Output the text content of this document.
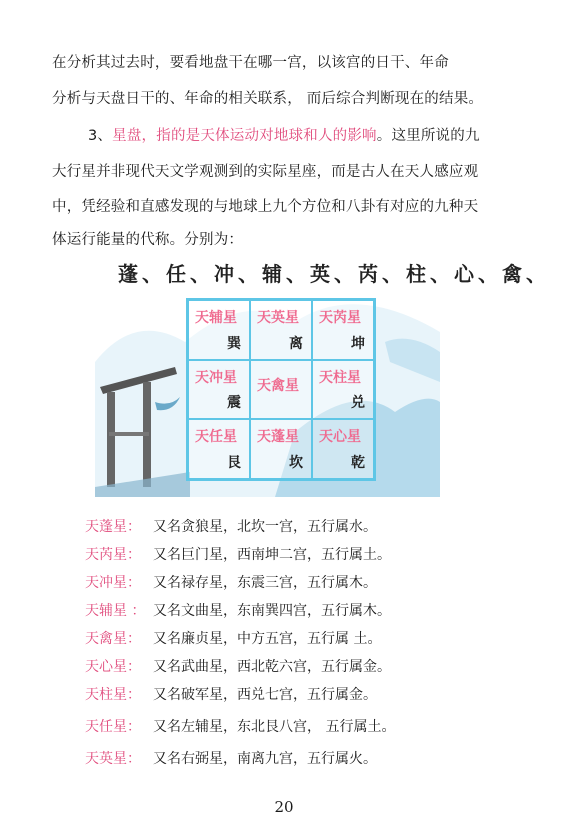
在分析其过去时，要看地盘干在哪一宫，以该宫的日干、年命
分析与天盘日干的、年命的相关联系， 而后综合判断现在的结果。
3、星盘，指的是天体运动对地球和人的影响。这里所说的九
大行星并非现代天文学观测到的实际星座，而是古人在天人感应观
中，凭经验和直感发现的与地球上九个方位和八卦有对应的九种天
体运行能量的代称。分别为：
蓬、任、冲、辅、英、芮、柱、心、禽、
天辅星
巽
天英星
离
天芮星
坤
天冲星
震
天禽星 天柱星
兑
天任星
艮
天蓬星
坎
天心星
乾
天蓬星： 又名贪狼星，北坎一宫，五行属水。
天芮星： 又名巨门星，西南坤二宫，五行属土。
天冲星： 又名禄存星，东震三宫，五行属木。
天辅星 ： 又名文曲星，东南巽四宫，五行属木。
天禽星： 又名廉贞星，中方五宫，五行属 土。
天心星： 又名武曲星，西北乾六宫，五行属金。
天柱星： 又名破军星，西兑七宫，五行属金。
天任星： 又名左辅星，东北艮八宫， 五行属土。
天英星： 又名右弼星，南离九宫，五行属火。
20
